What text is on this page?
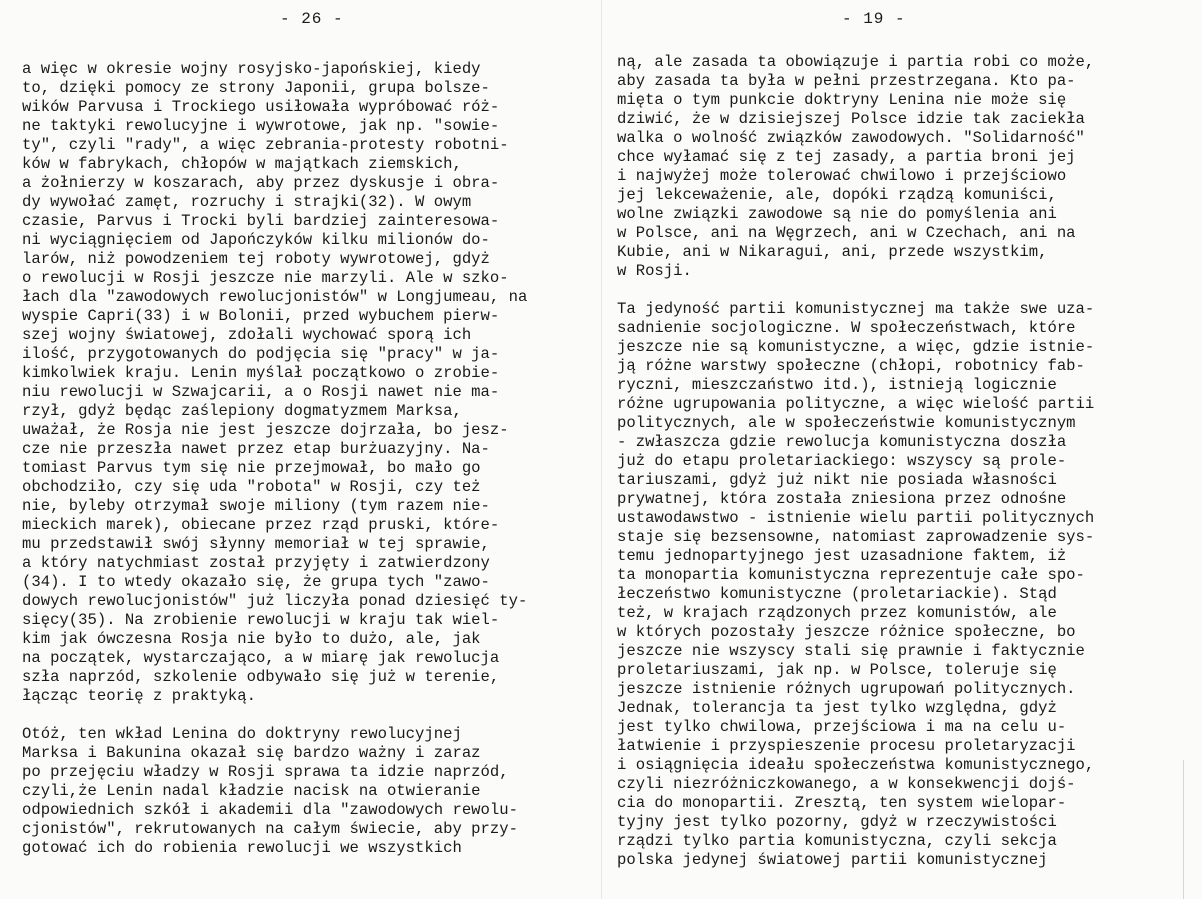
- 26 -
a więc w okresie wojny rosyjsko-japońskiej, kiedy
to, dzięki pomocy ze strony Japonii, grupa bolsze-
wików Parvusa i Trockiego usiłowała wypróbować róż-
ne taktyki rewolucyjne i wywrotowe, jak np. "sowie-
ty", czyli "rady", a więc zebrania-protesty robotni-
ków w fabrykach, chłopów w majątkach ziemskich,
a żołnierzy w koszarach, aby przez dyskusje i obra-
dy wywołać zamęt, rozruchy i strajki(32). W owym
czasie, Parvus i Trocki byli bardziej zainteresowa-
ni wyciągnięciem od Japończyków kilku milionów do-
larów, niż powodzeniem tej roboty wywrotowej, gdyż
o rewolucji w Rosji jeszcze nie marzyli. Ale w szko-
łach dla "zawodowych rewolucjonistów" w Longjumeau, na
wyspie Capri(33) i w Bolonii, przed wybuchem pierw-
szej wojny światowej, zdołali wychować sporą ich
ilość, przygotowanych do podjęcia się "pracy" w ja-
kimkolwiek kraju. Lenin myślał początkowo o zrobie-
niu rewolucji w Szwajcarii, a o Rosji nawet nie ma-
rzył, gdyż będąc zaślepiony dogmatyzmem Marksa,
uważał, że Rosja nie jest jeszcze dojrzała, bo jesz-
cze nie przeszła nawet przez etap burżuazyjny. Na-
tomiast Parvus tym się nie przejmował, bo mało go
obchodziło, czy się uda "robota" w Rosji, czy też
nie, byleby otrzymał swoje miliony (tym razem nie-
mieckich marek), obiecane przez rząd pruski, które-
mu przedstawił swój słynny memoriał w tej sprawie,
a który natychmiast został przyjęty i zatwierdzony
(34). I to wtedy okazało się, że grupa tych "zawo-
dowych rewolucjonistów" już liczyła ponad dziesięć ty-
sięcy(35). Na zrobienie rewolucji w kraju tak wiel-
kim jak ówczesna Rosja nie było to dużo, ale, jak
na początek, wystarczająco, a w miarę jak rewolucja
szła naprzód, szkolenie odbywało się już w terenie,
łącząc teorię z praktyką.
Otóż, ten wkład Lenina do doktryny rewolucyjnej
Marksa i Bakunina okazał się bardzo ważny i zaraz
po przejęciu władzy w Rosji sprawa ta idzie naprzód,
czyli,że Lenin nadal kładzie nacisk na otwieranie
odpowiednich szkół i akademii dla "zawodowych rewolu-
cjonistów", rekrutowanych na całym świecie, aby przy-
gotować ich do robienia rewolucji we wszystkich
- 19 -
ną, ale zasada ta obowiązuje i partia robi co może,
aby zasada ta była w pełni przestrzegana. Kto pa-
mięta o tym punkcie doktryny Lenina nie może się
dziwić, że w dzisiejszej Polsce idzie tak zaciekła
walka o wolność związków zawodowych. "Solidarność"
chce wyłamać się z tej zasady, a partia broni jej
i najwyżej może tolerować chwilowo i przejściowo
jej lekceważenie, ale, dopóki rządzą komuniści,
wolne związki zawodowe są nie do pomyślenia ani
w Polsce, ani na Węgrzech, ani w Czechach, ani na
Kubie, ani w Nikaragui, ani, przede wszystkim,
w Rosji.
Ta jedyność partii komunistycznej ma także swe uza-
sadnienie socjologiczne. W społeczeństwach, które
jeszcze nie są komunistyczne, a więc, gdzie istnie-
ją różne warstwy społeczne (chłopi, robotnicy fab-
ryczni, mieszczaństwo itd.), istnieją logicznie
różne ugrupowania polityczne, a więc wielość partii
politycznych, ale w społeczeństwie komunistycznym
- zwłaszcza gdzie rewolucja komunistyczna doszła
już do etapu proletariackiego: wszyscy są prole-
tariuszami, gdyż już nikt nie posiada własności
prywatnej, która została zniesiona przez odnośne
ustawodawstwo - istnienie wielu partii politycznych
staje się bezsensowne, natomiast zaprowadzenie sys-
temu jednopartyjnego jest uzasadnione faktem, iż
ta monopartia komunistyczna reprezentuje całe spo-
łeczeństwo komunistyczne (proletariackie). Stąd
też, w krajach rządzonych przez komunistów, ale
w których pozostały jeszcze różnice społeczne, bo
jeszcze nie wszyscy stali się prawnie i faktycznie
proletariuszami, jak np. w Polsce, toleruje się
jeszcze istnienie różnych ugrupowań politycznych.
Jednak, tolerancja ta jest tylko względna, gdyż
jest tylko chwilowa, przejściowa i ma na celu u-
łatwienie i przyspieszenie procesu proletaryzacji
i osiągnięcia ideału społeczeństwa komunistycznego,
czyli niezróżniczkowanego, a w konsekwencji dojś-
cia do monopartii. Zresztą, ten system wielopar-
tyjny jest tylko pozorny, gdyż w rzeczywistości
rządzi tylko partia komunistyczna, czyli sekcja
polska jedynej światowej partii komunistycznej
